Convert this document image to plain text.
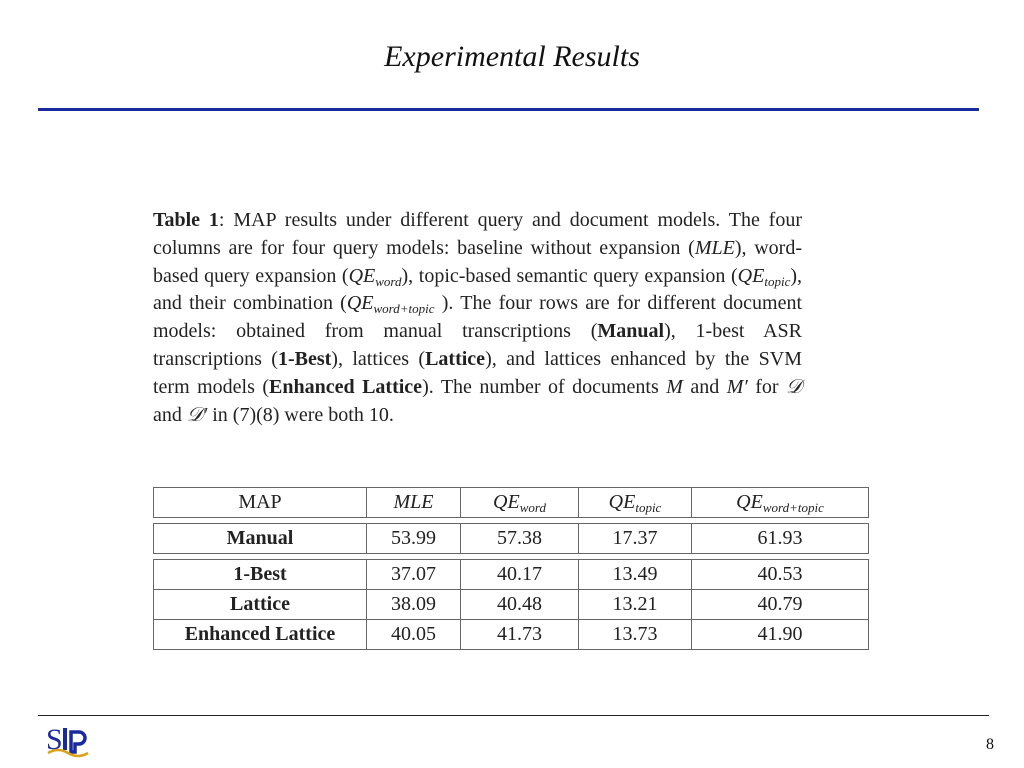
Experimental Results
Table 1: MAP results under different query and document models. The four columns are for four query models: baseline without expansion (MLE), word-based query expansion $(QE_{word})$, topic-based semantic query expansion $(QE_{topic})$, and their combination ($QE_{word+topic}$ ). The four rows are for different document models: obtained from manual transcriptions (Manual), 1-best ASR transcriptions (1-Best), lattices (Lattice), and lattices enhanced by the SVM term models (Enhanced Lattice). The number of documents M and M′ for 𝒟 and 𝒟′ in (7)(8) were both 10.
MAP	MLE	$QE_{word}$	$QE_{topic}$	$QE_{word+topic}$
Manual	53.99	57.38	17.37	61.93
1-Best	37.07	40.17	13.49	40.53
Lattice	38.09	40.48	13.21	40.79
Enhanced Lattice	40.05	41.73	13.73	41.90
S	8
